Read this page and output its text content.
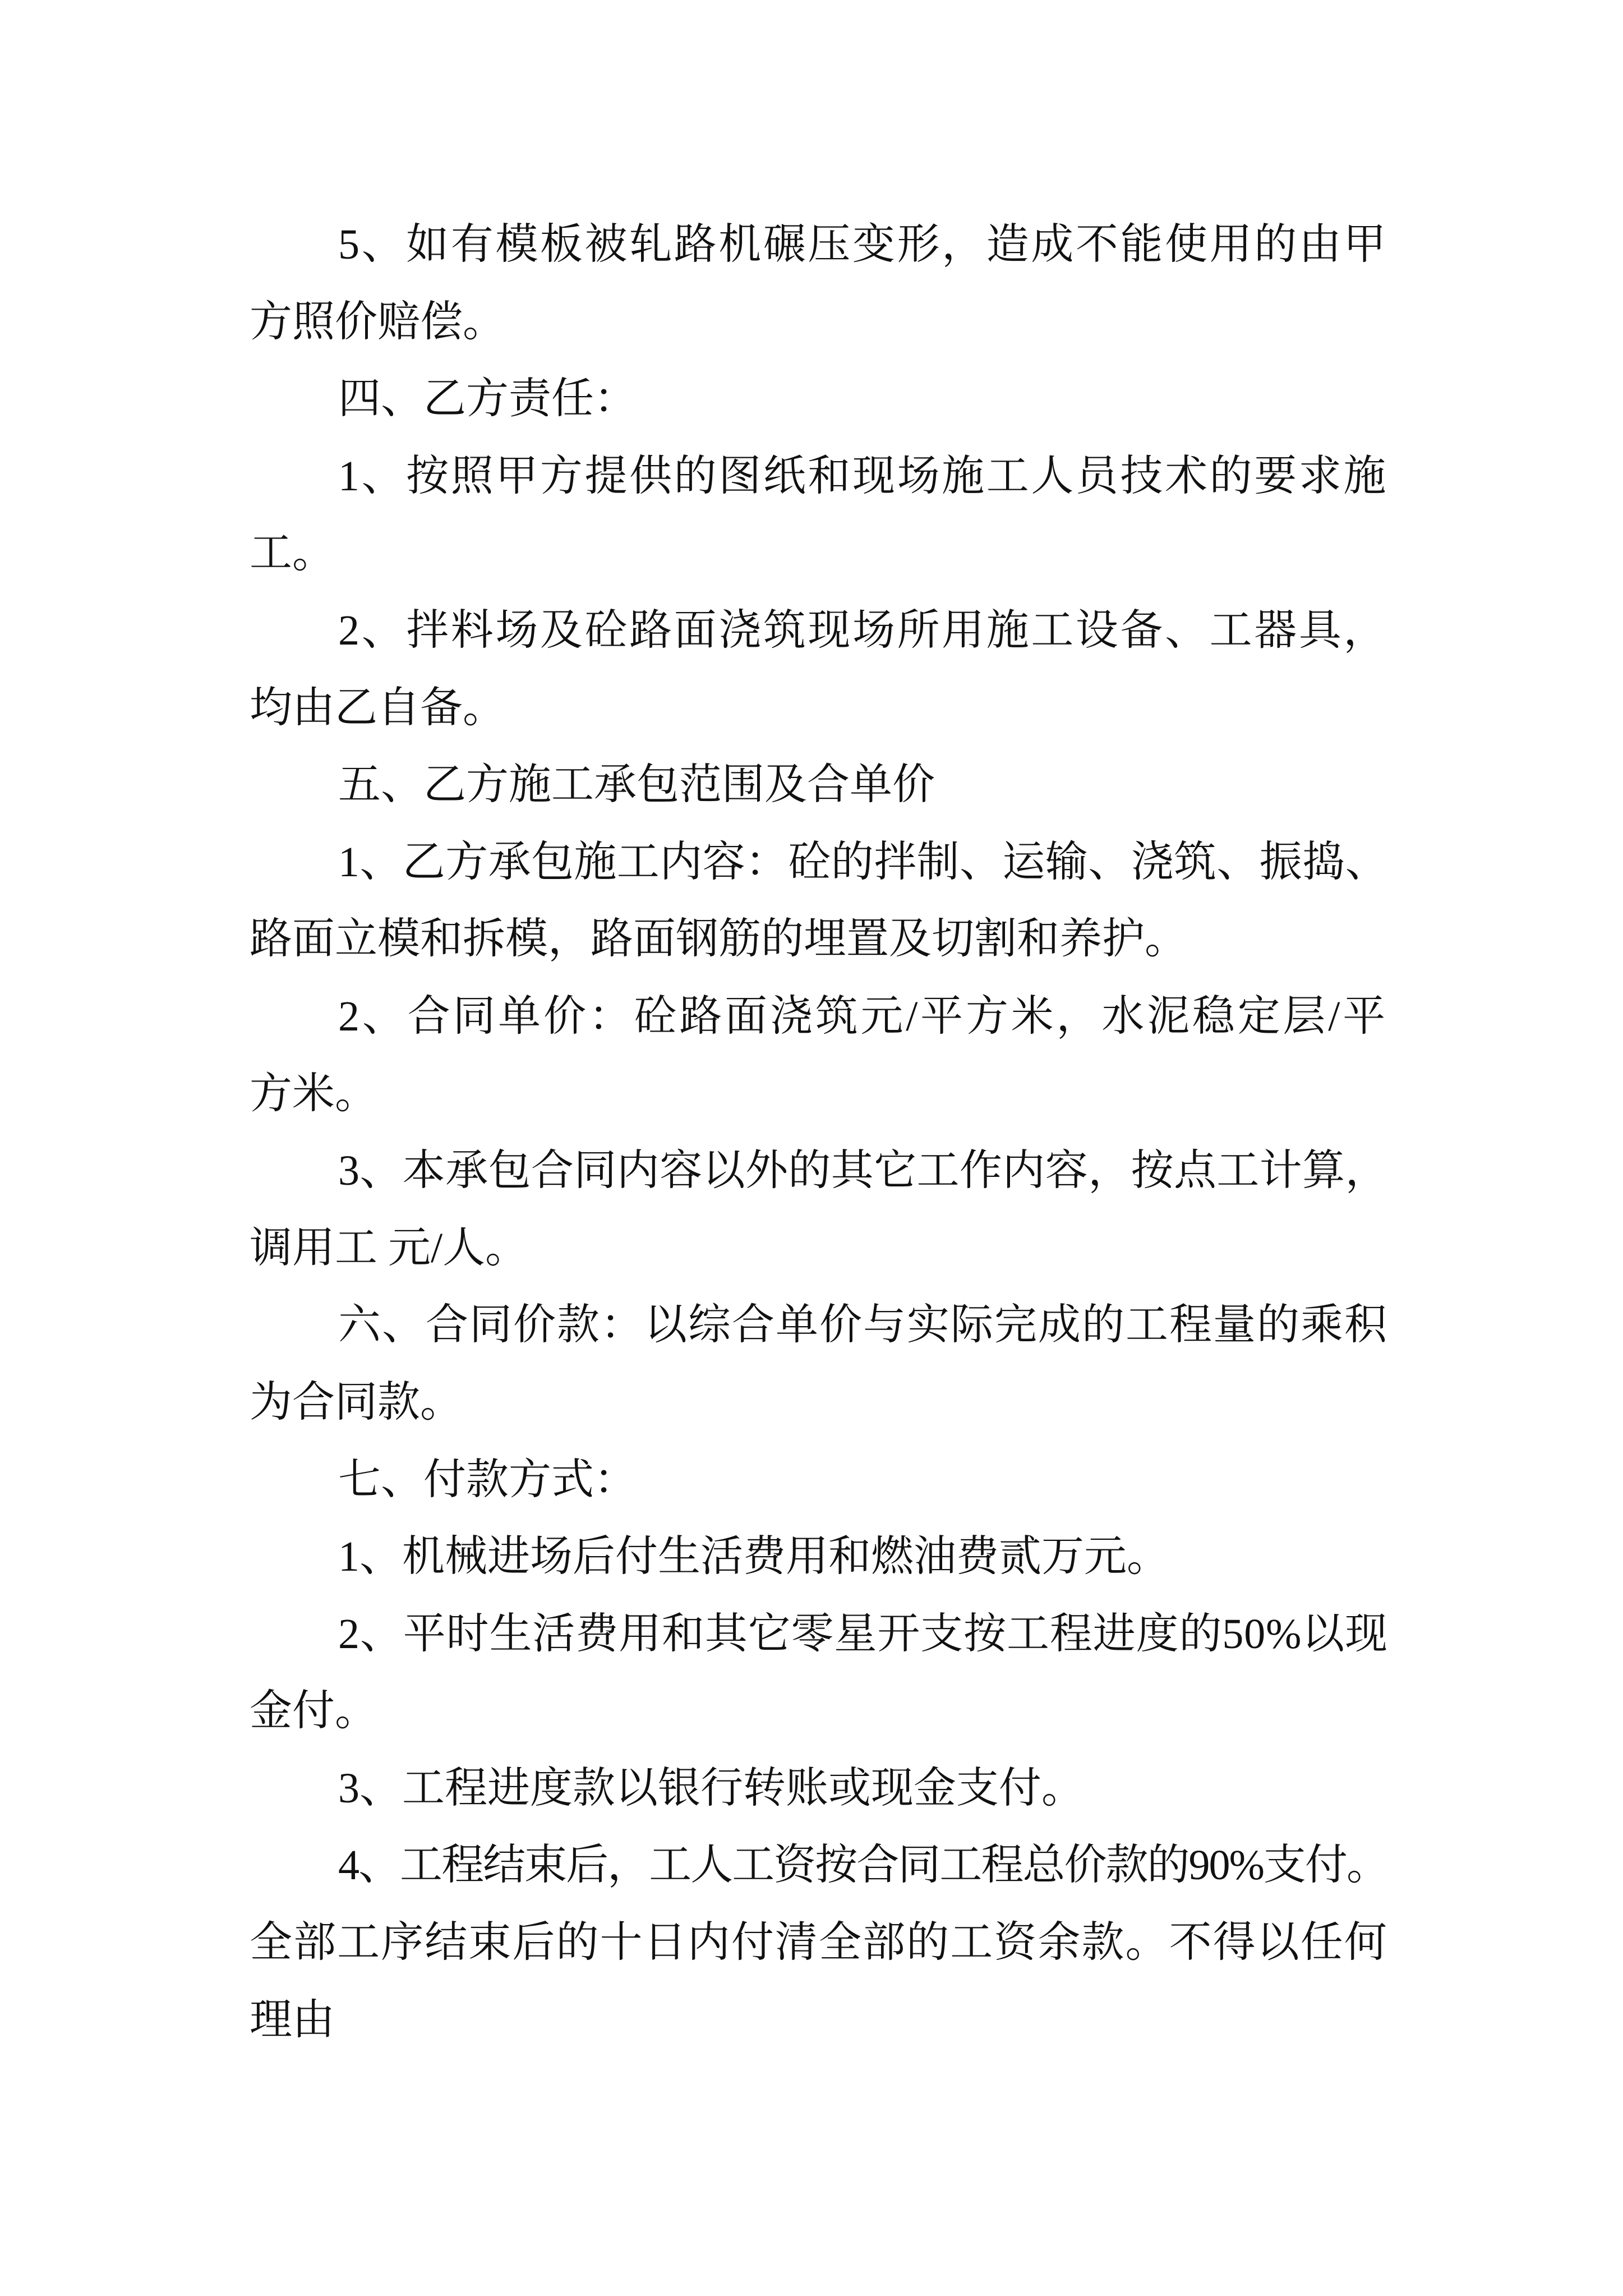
5、如有模板被轧路机碾压变形，造成不能使用的由甲
方照价赔偿。
四、乙方责任：
1、按照甲方提供的图纸和现场施工人员技术的要求施
工。
2、拌料场及砼路面浇筑现场所用施工设备、工器具，
均由乙自备。
五、乙方施工承包范围及合单价
1、乙方承包施工内容：砼的拌制、运输、浇筑、振捣、
路面立模和拆模，路面钢筋的埋置及切割和养护。
2、合同单价：砼路面浇筑元/平方米，水泥稳定层/平
方米。
3、本承包合同内容以外的其它工作内容，按点工计算，
调用工 元/人。
六、合同价款：以综合单价与实际完成的工程量的乘积
为合同款。
七、付款方式：
1、机械进场后付生活费用和燃油费贰万元。
2、平时生活费用和其它零星开支按工程进度的50%以现
金付。
3、工程进度款以银行转账或现金支付。
4、工程结束后，工人工资按合同工程总价款的90%支付。
全部工序结束后的十日内付清全部的工资余款。不得以任何
理由
